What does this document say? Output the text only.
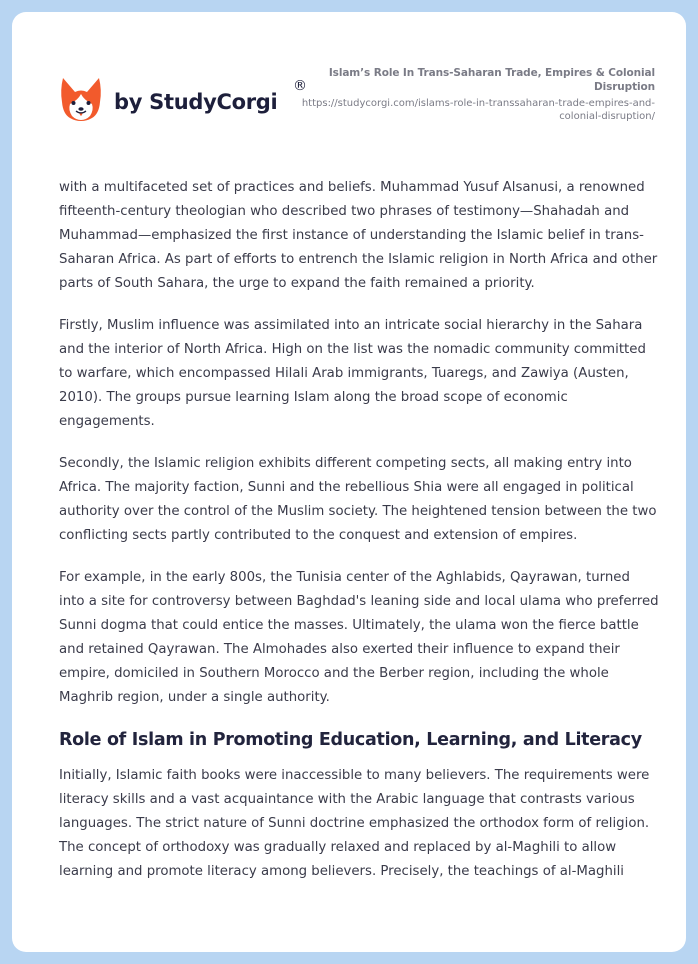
by StudyCorgi
®
Islam’s Role In Trans-Saharan Trade, Empires & Colonial Disruption
https://studycorgi.com/islams-role-in-transsaharan-trade-empires-and-colonial-disruption/

with a multifaceted set of practices and beliefs. Muhammad Yusuf Alsanusi, a renowned fifteenth-century theologian who described two phrases of testimony—Shahadah and Muhammad—emphasized the first instance of understanding the Islamic belief in trans-Saharan Africa. As part of efforts to entrench the Islamic religion in North Africa and other parts of South Sahara, the urge to expand the faith remained a priority.

Firstly, Muslim influence was assimilated into an intricate social hierarchy in the Sahara and the interior of North Africa. High on the list was the nomadic community committed to warfare, which encompassed Hilali Arab immigrants, Tuaregs, and Zawiya (Austen, 2010). The groups pursue learning Islam along the broad scope of economic engagements.

Secondly, the Islamic religion exhibits different competing sects, all making entry into Africa. The majority faction, Sunni and the rebellious Shia were all engaged in political authority over the control of the Muslim society. The heightened tension between the two conflicting sects partly contributed to the conquest and extension of empires.

For example, in the early 800s, the Tunisia center of the Aghlabids, Qayrawan, turned into a site for controversy between Baghdad's leaning side and local ulama who preferred Sunni dogma that could entice the masses. Ultimately, the ulama won the fierce battle and retained Qayrawan. The Almohades also exerted their influence to expand their empire, domiciled in Southern Morocco and the Berber region, including the whole Maghrib region, under a single authority.

Role of Islam in Promoting Education, Learning, and Literacy

Initially, Islamic faith books were inaccessible to many believers. The requirements were literacy skills and a vast acquaintance with the Arabic language that contrasts various languages. The strict nature of Sunni doctrine emphasized the orthodox form of religion. The concept of orthodoxy was gradually relaxed and replaced by al-Maghili to allow learning and promote literacy among believers. Precisely, the teachings of al-Maghili
